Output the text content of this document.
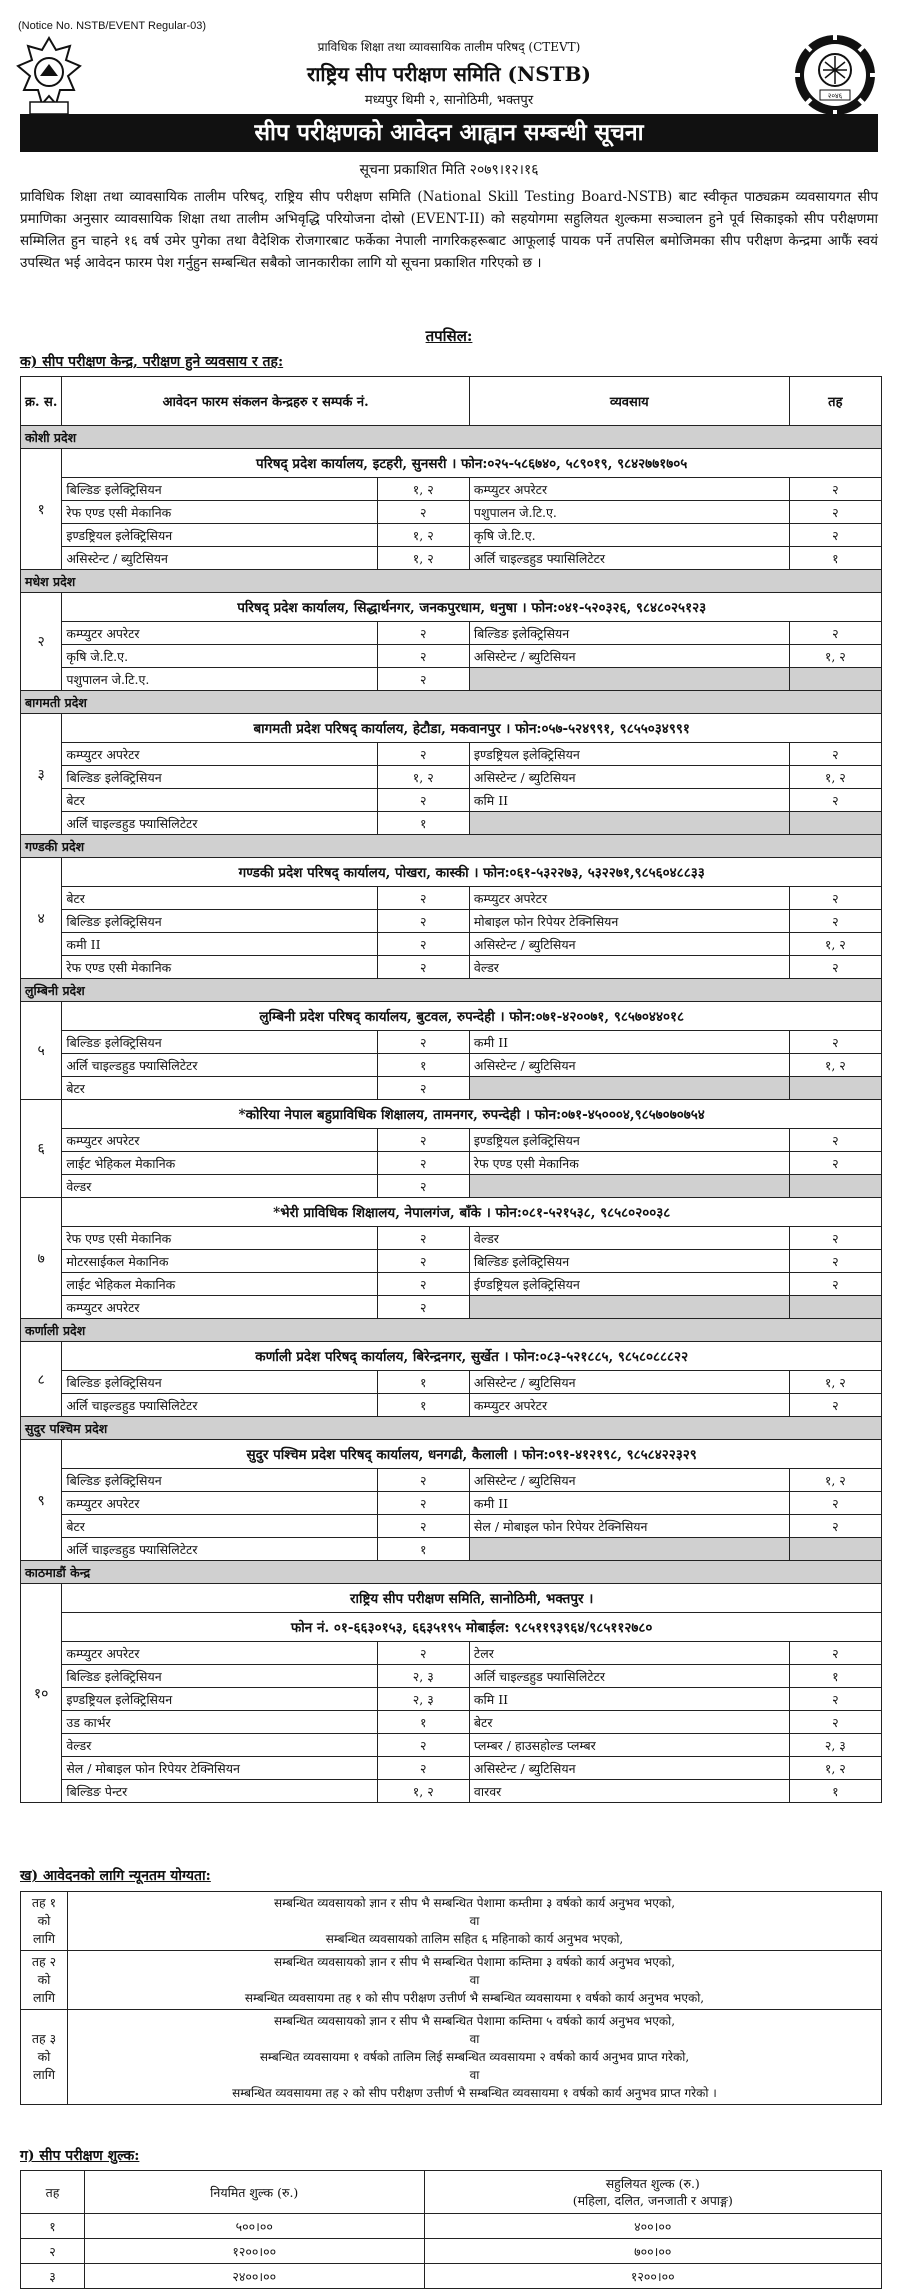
(Notice No. NSTB/EVENT Regular-03)
२०४६
प्राविधिक शिक्षा तथा व्यावसायिक तालीम परिषद् (CTEVT)
राष्ट्रिय सीप परीक्षण समिति (NSTB)
मध्यपुर थिमी २, सानोठिमी, भक्तपुर
सीप परीक्षणको आवेदन आह्वान सम्बन्धी सूचना
सूचना प्रकाशित मिति २०७९।१२।१६
प्राविधिक शिक्षा तथा व्यावसायिक तालीम परिषद्, राष्ट्रिय सीप परीक्षण समिति (National Skill Testing Board-NSTB) बाट स्वीकृत पाठ्यक्रम व्यवसायगत सीप प्रमाणिका अनुसार व्यावसायिक शिक्षा तथा तालीम अभिवृद्धि परियोजना दोस्रो (EVENT-II) को सहयोगमा सहुलियत शुल्कमा सञ्चालन हुने पूर्व सिकाइको सीप परीक्षणमा सम्मिलित हुन चाहने १६ वर्ष उमेर पुगेका तथा वैदेशिक रोजगारबाट फर्केका नेपाली नागरिकहरूबाट आफूलाई पायक पर्ने तपसिल बमोजिमका सीप परीक्षण केन्द्रमा आफैं स्वयं उपस्थित भई आवेदन फारम पेश गर्नुहुन सम्बन्धित सबैको जानकारीका लागि यो सूचना प्रकाशित गरिएको छ ।
तपसिल:
क) सीप परीक्षण केन्द्र, परीक्षण हुने व्यवसाय र तह:
क्र. स.	आवेदन फारम संकलन केन्द्रहरु र सम्पर्क नं.		व्यवसाय	तह
कोशी प्रदेश				
१	परिषद् प्रदेश कार्यालय, इटहरी, सुनसरी । फोन:०२५-५८६७४०, ५८९०१९, ९८४२७७१७०५			
	बिल्डिङ इलेक्ट्रिसियन	१, २	कम्प्युटर अपरेटर	२
	रेफ एण्ड एसी मेकानिक	२	पशुपालन जे.टि.ए.	२
	इण्डष्ट्रियल इलेक्ट्रिसियन	१, २	कृषि जे.टि.ए.	२
	असिस्टेन्ट / ब्युटिसियन	१, २	अर्लि चाइल्डहुड फ्यासिलिटेटर	१
मधेश प्रदेश				
२	परिषद् प्रदेश कार्यालय, सिद्धार्थनगर, जनकपुरधाम, धनुषा । फोन:०४१-५२०३२६, ९८४८०२५१२३			
	कम्प्युटर अपरेटर	२	बिल्डिङ इलेक्ट्रिसियन	२
	कृषि जे.टि.ए.	२	असिस्टेन्ट / ब्युटिसियन	१, २
	पशुपालन जे.टि.ए.	२		
बागमती प्रदेश				
३	बागमती प्रदेश परिषद् कार्यालय, हेटौडा, मकवानपुर । फोन:०५७-५२४९९१, ९८५५०३४९९१			
	कम्प्युटर अपरेटर	२	इण्डष्ट्रियल इलेक्ट्रिसियन	२
	बिल्डिङ इलेक्ट्रिसियन	१, २	असिस्टेन्ट / ब्युटिसियन	१, २
	बेटर	२	कमि II	२
	अर्लि चाइल्डहुड फ्यासिलिटेटर	१		
गण्डकी प्रदेश				
४	गण्डकी प्रदेश परिषद् कार्यालय, पोखरा, कास्की । फोन:०६१-५३२२७३, ५३२२७१,९८५६०४८८३३			
	बेटर	२	कम्प्युटर अपरेटर	२
	बिल्डिङ इलेक्ट्रिसियन	२	मोबाइल फोन रिपेयर टेक्निसियन	२
	कमी II	२	असिस्टेन्ट / ब्युटिसियन	१, २
	रेफ एण्ड एसी मेकानिक	२	वेल्डर	२
लुम्बिनी प्रदेश				
५	लुम्बिनी प्रदेश परिषद् कार्यालय, बुटवल, रुपन्देही । फोन:०७१-४२००७१, ९८५७०४४०१८			
	बिल्डिङ इलेक्ट्रिसियन	२	कमी II	२
	अर्लि चाइल्डहुड फ्यासिलिटेटर	१	असिस्टेन्ट / ब्युटिसियन	१, २
	बेटर	२		
६	*कोरिया नेपाल बहुप्राविधिक शिक्षालय, तामनगर, रुपन्देही । फोन:०७१-४५०००४,९८५७०७०७५४			
	कम्प्युटर अपरेटर	२	इण्डष्ट्रियल इलेक्ट्रिसियन	२
	लाईट भेहिकल मेकानिक	२	रेफ एण्ड एसी मेकानिक	२
	वेल्डर	२		
७	*भेरी प्राविधिक शिक्षालय, नेपालगंज, बाँके । फोन:०८१-५२१५३८, ९८५८०२००३८			
	रेफ एण्ड एसी मेकानिक	२	वेल्डर	२
	मोटरसाईकल मेकानिक	२	बिल्डिङ इलेक्ट्रिसियन	२
	लाईट भेहिकल मेकानिक	२	ईण्डष्ट्रियल इलेक्ट्रिसियन	२
	कम्प्युटर अपरेटर	२		
कर्णाली प्रदेश				
८	कर्णाली प्रदेश परिषद् कार्यालय, बिरेन्द्रनगर, सुर्खेत । फोन:०८३-५२१८८५, ९८५८०८८८२२			
	बिल्डिङ इलेक्ट्रिसियन	१	असिस्टेन्ट / ब्युटिसियन	१, २
	अर्लि चाइल्डहुड फ्यासिलिटेटर	१	कम्प्युटर अपरेटर	२
सुदुर पश्चिम प्रदेश				
९	सुदुर पश्चिम प्रदेश परिषद् कार्यालय, धनगढी, कैलाली । फोन:०९१-४१२१९८, ९८५८४२२३२९			
	बिल्डिङ इलेक्ट्रिसियन	२	असिस्टेन्ट / ब्युटिसियन	१, २
	कम्प्युटर अपरेटर	२	कमी II	२
	बेटर	२	सेल / मोबाइल फोन रिपेयर टेक्निसियन	२
	अर्लि चाइल्डहुड फ्यासिलिटेटर	१		
काठमाडौं केन्द्र				
१०	राष्ट्रिय सीप परीक्षण समिति, सानोठिमी, भक्तपुर ।			
	फोन नं. ०१-६६३०१५३, ६६३५१९५ मोबाईल: ९८५११९३९६४/९८५११२७८०			
	कम्प्युटर अपरेटर	२	टेलर	२
	बिल्डिङ इलेक्ट्रिसियन	२, ३	अर्लि चाइल्डहुड फ्यासिलिटेटर	१
	इण्डष्ट्रियल इलेक्ट्रिसियन	२, ३	कमि II	२
	उड कार्भर	१	बेटर	२
	वेल्डर	२	प्लम्बर / हाउसहोल्ड प्लम्बर	२, ३
	सेल / मोबाइल फोन रिपेयर टेक्निसियन	२	असिस्टेन्ट / ब्युटिसियन	१, २
	बिल्डिङ पेन्टर	१, २	वारवर	१
ख) आवेदनको लागि न्यूनतम योग्यता:
तह १ को लागि	सम्बन्धित व्यवसायको ज्ञान र सीप भै सम्बन्धित पेशामा कम्तीमा ३ वर्षको कार्य अनुभव भएको,
वा
सम्बन्धित व्यवसायको तालिम सहित ६ महिनाको कार्य अनुभव भएको,

तह २ को लागि	सम्बन्धित व्यवसायको ज्ञान र सीप भै सम्बन्धित पेशामा कम्तिमा ३ वर्षको कार्य अनुभव भएको,
वा
सम्बन्धित व्यवसायमा तह १ को सीप परीक्षण उत्तीर्ण भै सम्बन्धित व्यवसायमा १ वर्षको कार्य अनुभव भएको,

तह ३ को लागि	सम्बन्धित व्यवसायको ज्ञान र सीप भै सम्बन्धित पेशामा कम्तिमा ५ वर्षको कार्य अनुभव भएको,
वा
सम्बन्धित व्यवसायमा १ वर्षको तालिम लिई सम्बन्धित व्यवसायमा २ वर्षको कार्य अनुभव प्राप्त गरेको,
वा
सम्बन्धित व्यवसायमा तह २ को सीप परीक्षण उत्तीर्ण भै सम्बन्धित व्यवसायमा १ वर्षको कार्य अनुभव प्राप्त गरेको ।
ग) सीप परीक्षण शुल्क:
तह	नियमित शुल्क (रु.)	सहुलियत शुल्क (रु.)
(महिला, दलित, जनजाती र अपाङ्ग)

१	५००।००	४००।००
२	१२००।००	७००।००
३	२४००।००	१२००।००
